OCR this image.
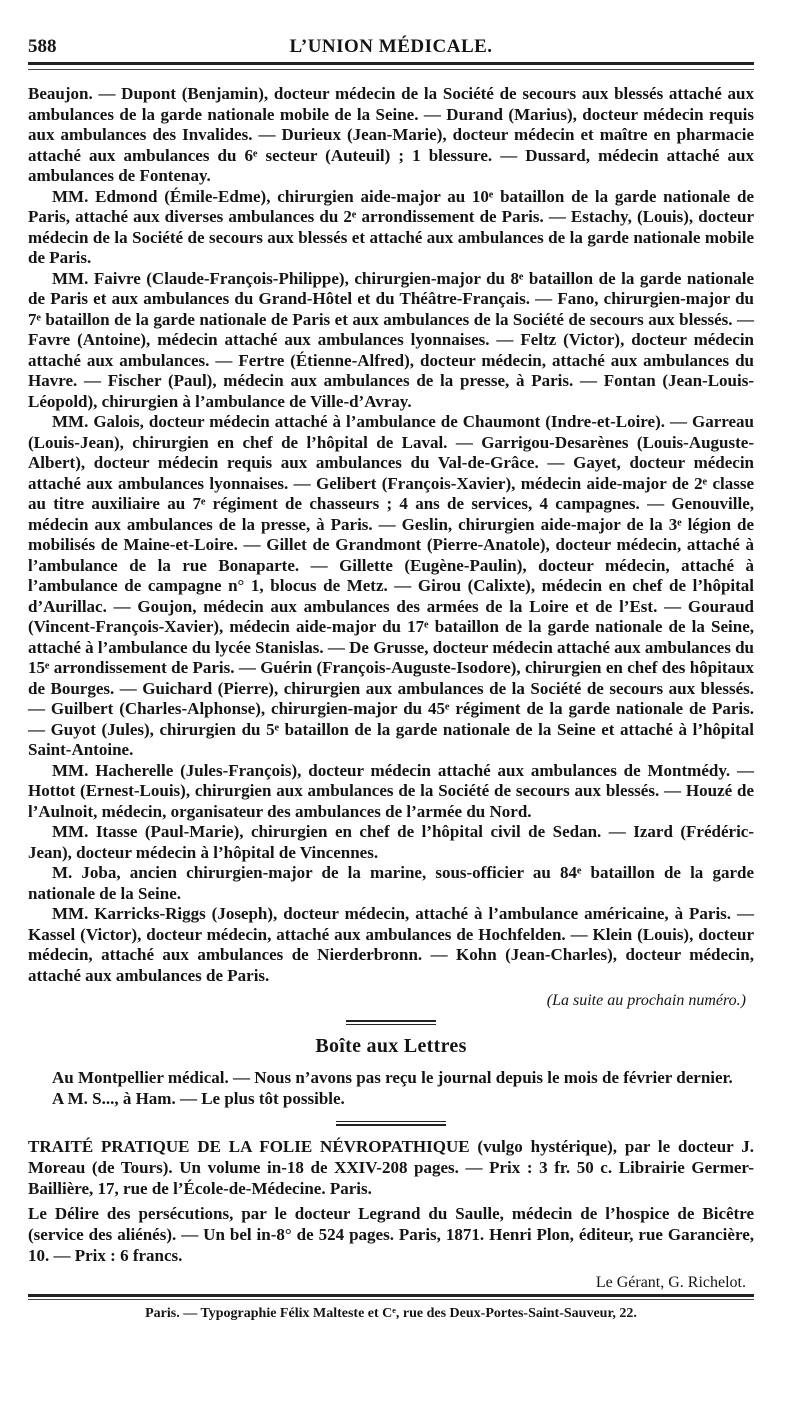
588	L’UNION MÉDICALE.

Beaujon. — Dupont (Benjamin), docteur médecin de la Société de secours aux blessés attaché aux ambulances de la garde nationale mobile de la Seine. — Durand (Marius), docteur médecin requis aux ambulances des Invalides. — Durieux (Jean-Marie), docteur médecin et maître en pharmacie attaché aux ambulances du 6ᵉ secteur (Auteuil) ; 1 blessure. — Dussard, médecin attaché aux ambulances de Fontenay.

MM. Edmond (Émile-Edme), chirurgien aide-major au 10ᵉ bataillon de la garde nationale de Paris, attaché aux diverses ambulances du 2ᵉ arrondissement de Paris. — Estachy, (Louis), docteur médecin de la Société de secours aux blessés et attaché aux ambulances de la garde nationale mobile de Paris.

MM. Faivre (Claude-François-Philippe), chirurgien-major du 8ᵉ bataillon de la garde nationale de Paris et aux ambulances du Grand-Hôtel et du Théâtre-Français. — Fano, chirurgien-major du 7ᵉ bataillon de la garde nationale de Paris et aux ambulances de la Société de secours aux blessés. — Favre (Antoine), médecin attaché aux ambulances lyonnaises. — Feltz (Victor), docteur médecin attaché aux ambulances. — Fertre (Étienne-Alfred), docteur médecin, attaché aux ambulances du Havre. — Fischer (Paul), médecin aux ambulances de la presse, à Paris. — Fontan (Jean-Louis-Léopold), chirurgien à l’ambulance de Ville-d’Avray.

MM. Galois, docteur médecin attaché à l’ambulance de Chaumont (Indre-et-Loire). — Garreau (Louis-Jean), chirurgien en chef de l’hôpital de Laval. — Garrigou-Desarènes (Louis-Auguste-Albert), docteur médecin requis aux ambulances du Val-de-Grâce. — Gayet, docteur médecin attaché aux ambulances lyonnaises. — Gelibert (François-Xavier), médecin aide-major de 2ᵉ classe au titre auxiliaire au 7ᵉ régiment de chasseurs ; 4 ans de services, 4 campagnes. — Genouville, médecin aux ambulances de la presse, à Paris. — Geslin, chirurgien aide-major de la 3ᵉ légion de mobilisés de Maine-et-Loire. — Gillet de Grandmont (Pierre-Anatole), docteur médecin, attaché à l’ambulance de la rue Bonaparte. — Gillette (Eugène-Paulin), docteur médecin, attaché à l’ambulance de campagne n° 1, blocus de Metz. — Girou (Calixte), médecin en chef de l’hôpital d’Aurillac. — Goujon, médecin aux ambulances des armées de la Loire et de l’Est. — Gouraud (Vincent-François-Xavier), médecin aide-major du 17ᵉ bataillon de la garde nationale de la Seine, attaché à l’ambulance du lycée Stanislas. — De Grusse, docteur médecin attaché aux ambulances du 15ᵉ arrondissement de Paris. — Guérin (François-Auguste-Isodore), chirurgien en chef des hôpitaux de Bourges. — Guichard (Pierre), chirurgien aux ambulances de la Société de secours aux blessés. — Guilbert (Charles-Alphonse), chirurgien-major du 45ᵉ régiment de la garde nationale de Paris. — Guyot (Jules), chirurgien du 5ᵉ bataillon de la garde nationale de la Seine et attaché à l’hôpital Saint-Antoine.

MM. Hacherelle (Jules-François), docteur médecin attaché aux ambulances de Montmédy. — Hottot (Ernest-Louis), chirurgien aux ambulances de la Société de secours aux blessés. — Houzé de l’Aulnoit, médecin, organisateur des ambulances de l’armée du Nord.

MM. Itasse (Paul-Marie), chirurgien en chef de l’hôpital civil de Sedan. — Izard (Frédéric-Jean), docteur médecin à l’hôpital de Vincennes.

M. Joba, ancien chirurgien-major de la marine, sous-officier au 84ᵉ bataillon de la garde nationale de la Seine.

MM. Karricks-Riggs (Joseph), docteur médecin, attaché à l’ambulance américaine, à Paris. — Kassel (Victor), docteur médecin, attaché aux ambulances de Hochfelden. — Klein (Louis), docteur médecin, attaché aux ambulances de Nierderbronn. — Kohn (Jean-Charles), docteur médecin, attaché aux ambulances de Paris.

(La suite au prochain numéro.)
Boîte aux Lettres

Au Montpellier médical. — Nous n’avons pas reçu le journal depuis le mois de février dernier.

A M. S..., à Ham. — Le plus tôt possible.

TRAITÉ PRATIQUE DE LA FOLIE NÉVROPATHIQUE (vulgo hystérique), par le docteur J. Moreau (de Tours). Un volume in-18 de XXIV-208 pages. — Prix : 3 fr. 50 c. Librairie Germer-Baillière, 17, rue de l’École-de-Médecine. Paris.

Le Délire des persécutions, par le docteur Legrand du Saulle, médecin de l’hospice de Bicêtre (service des aliénés). — Un bel in-8° de 524 pages. Paris, 1871. Henri Plon, éditeur, rue Garancière, 10. — Prix : 6 francs.

Le Gérant, G. Richelot.
Paris. — Typographie Félix Malteste et Cᵉ, rue des Deux-Portes-Saint-Sauveur, 22.
